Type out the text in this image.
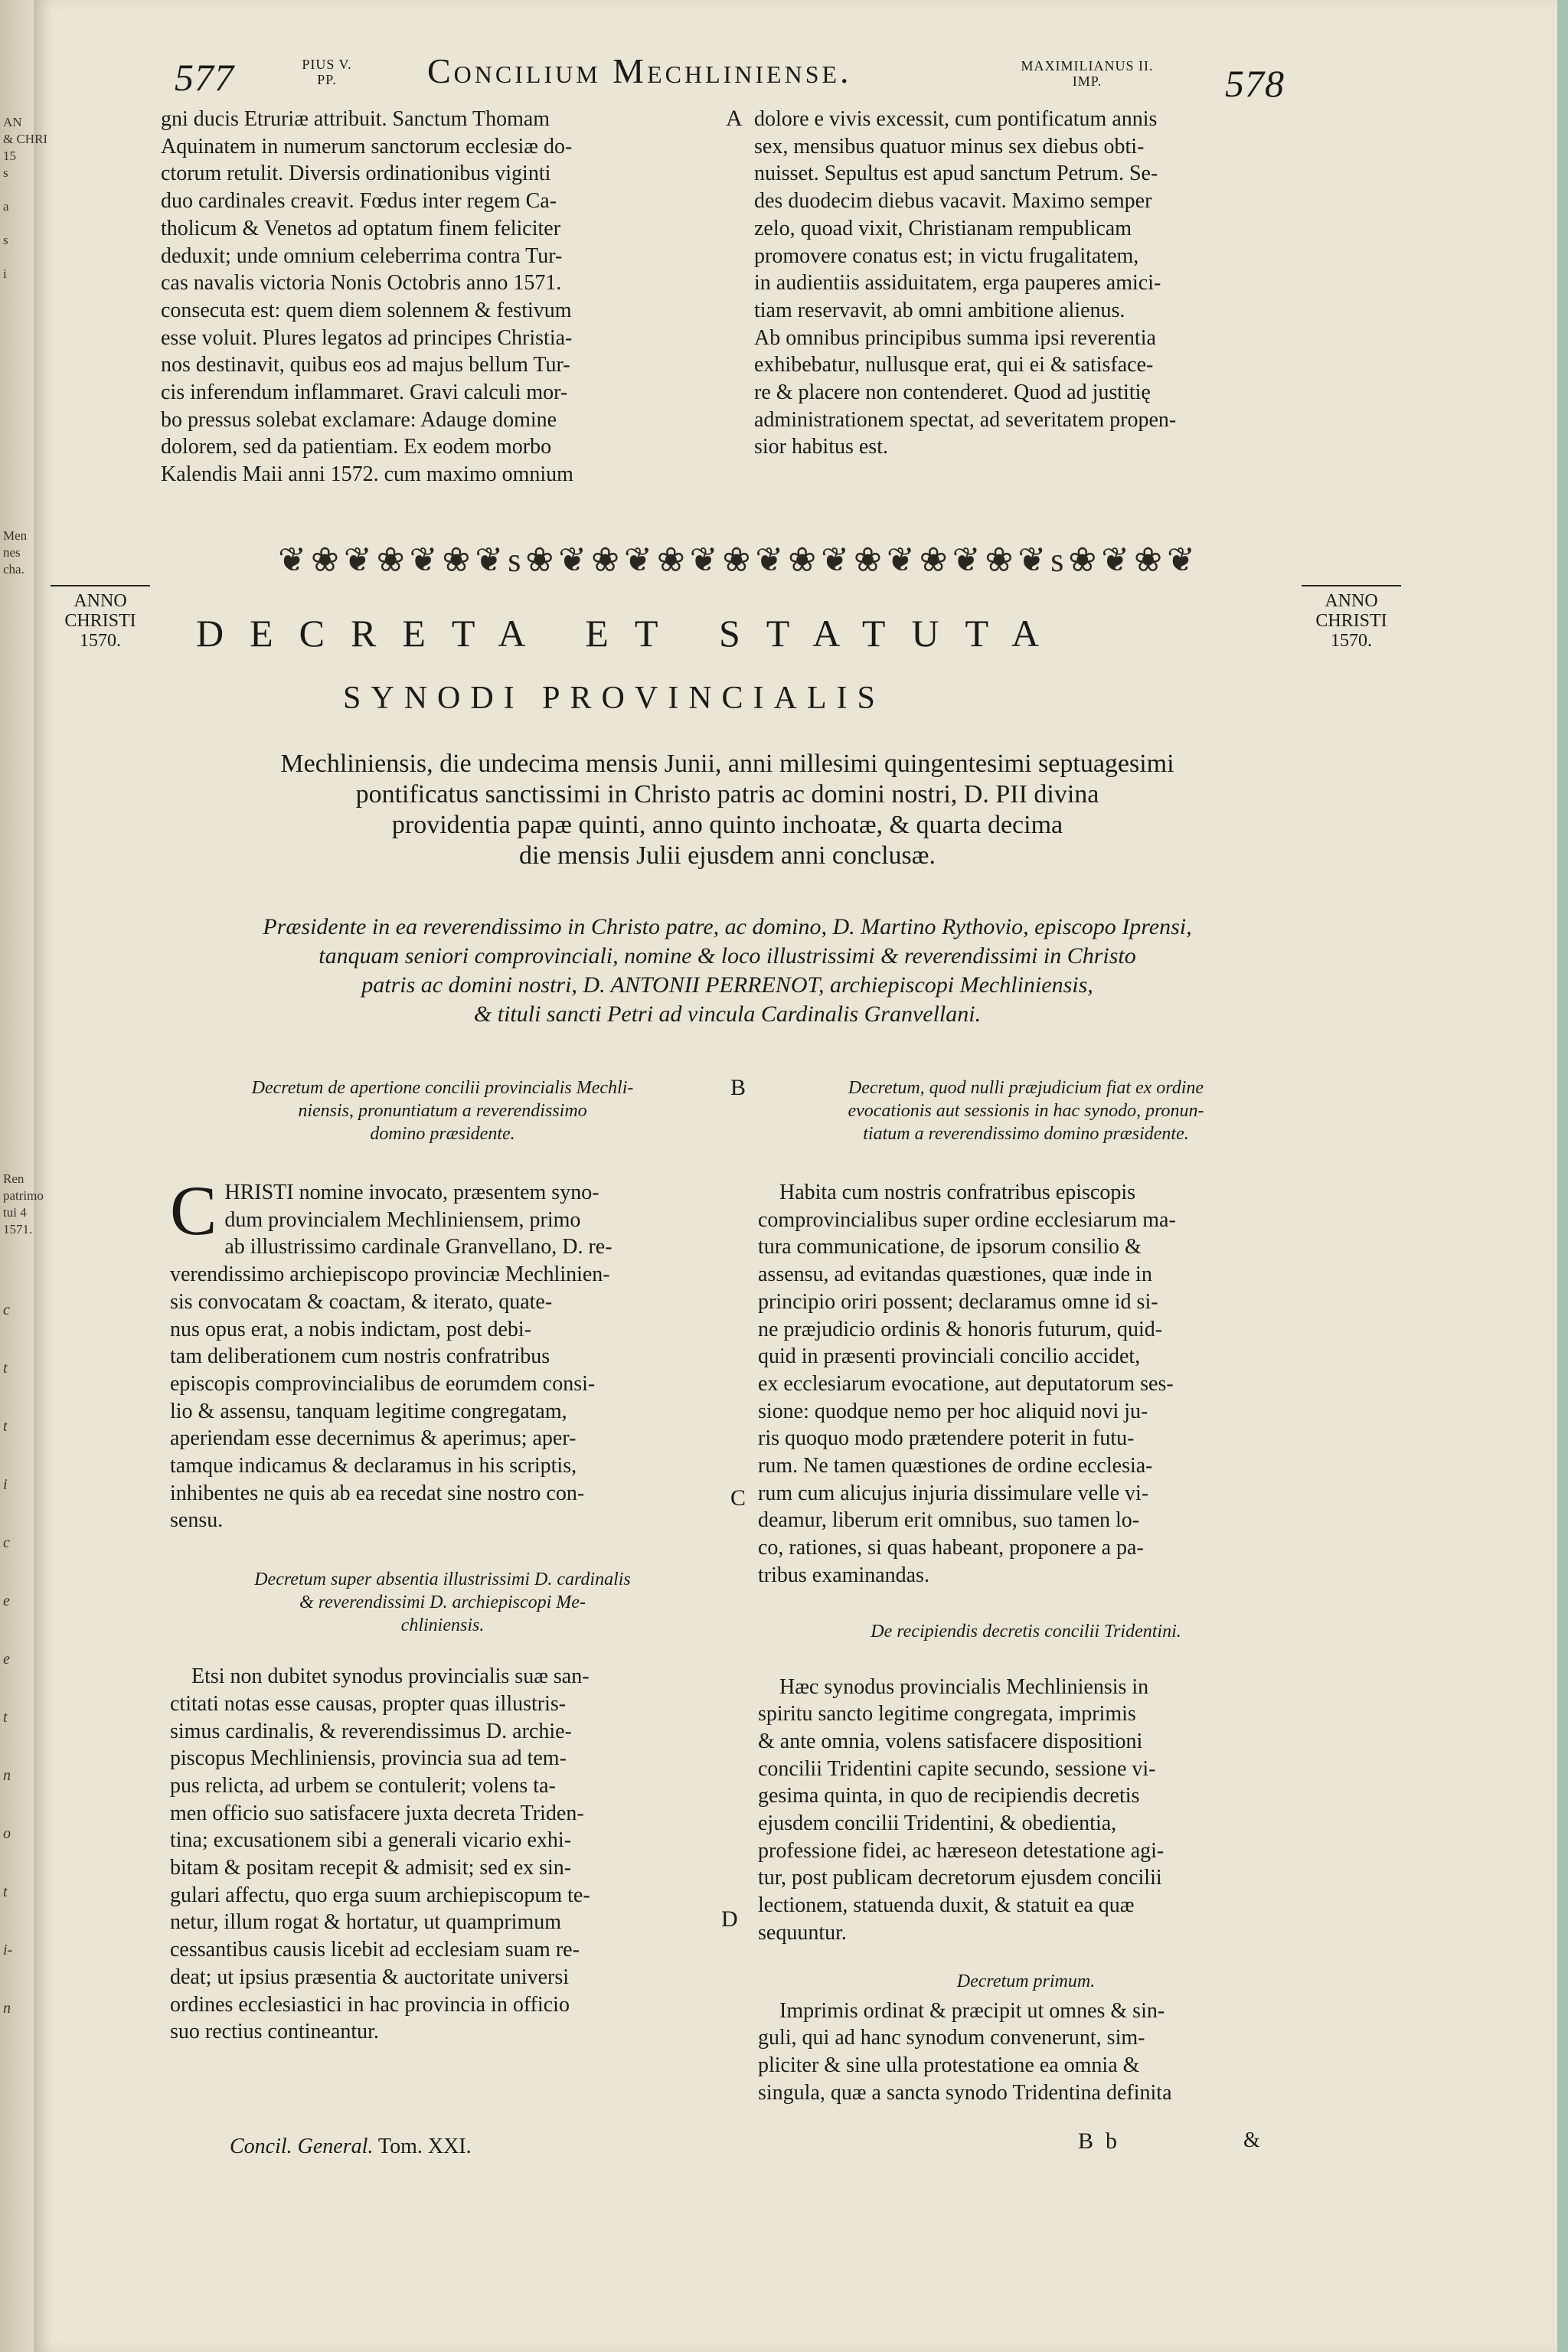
AN
& CHRI
15
s
a
s
i
Men
nes
cha.
Ren
patrimo
tui 4
1571.
c
t
t
i
c
e
e
t
n
o
t
i-
n
577	PIUS V.
PP.	Concilium Mechliniense.	MAXIMILIANUS II.
IMP.	578
gni ducis Etruriæ attribuit. Sanctum Thomam
Aquinatem in numerum sanctorum ecclesiæ do-
ctorum retulit. Diversis ordinationibus viginti
duo cardinales creavit. Fœdus inter regem Ca-
tholicum & Venetos ad optatum finem feliciter
deduxit; unde omnium celeberrima contra Tur-
cas navalis victoria Nonis Octobris anno 1571.
consecuta est: quem diem solennem & festivum
esse voluit. Plures legatos ad principes Christia-
nos destinavit, quibus eos ad majus bellum Tur-
cis inferendum inflammaret. Gravi calculi mor-
bo pressus solebat exclamare: Adauge domine
dolorem, sed da patientiam. Ex eodem morbo
Kalendis Maii anni 1572. cum maximo omnium
A dolore e vivis excessit, cum pontificatum annis
sex, mensibus quatuor minus sex diebus obti-
nuisset. Sepultus est apud sanctum Petrum. Se-
des duodecim diebus vacavit. Maximo semper
zelo, quoad vixit, Christianam rempublicam
promovere conatus est; in victu frugalitatem,
in audientiis assiduitatem, erga pauperes amici-
tiam reservavit, ab omni ambitione alienus.
Ab omnibus principibus summa ipsi reverentia
exhibebatur, nullusque erat, qui ei & satisface-
re & placere non contenderet. Quod ad justitię
administrationem spectat, ad severitatem propen-
sior habitus est.
❦❀❦❀❦❀❦s❀❦❀❦❀❦❀❦❀❦❀❦❀❦❀❦s❀❦❀❦
ANNO
CHRISTI
1570.
ANNO
CHRISTI
1570.
DECRETA ET STATUTA
SYNODI PROVINCIALIS
Mechliniensis, die undecima mensis Junii, anni millesimi quingentesimi septuagesimi
pontificatus sanctissimi in Christo patris ac domini nostri, D. PII divina
providentia papæ quinti, anno quinto inchoatæ, & quarta decima
die mensis Julii ejusdem anni conclusæ.
Præsidente in ea reverendissimo in Christo patre, ac domino, D. Martino Rythovio, episcopo Iprensi,
tanquam seniori comprovinciali, nomine & loco illustrissimi & reverendissimi in Christo
patris ac domini nostri, D. ANTONII PERRENOT, archiepiscopi Mechliniensis,
& tituli sancti Petri ad vincula Cardinalis Granvellani.
Decretum de apertione concilii provincialis Mechli-
niensis, pronuntiatum a reverendissimo
domino præsidente.
C HRISTI nomine invocato, præsentem syno-
dum provincialem Mechliniensem, primo
ab illustrissimo cardinale Granvellano, D. re-
verendissimo archiepiscopo provinciæ Mechlinien-
sis convocatam & coactam, & iterato, quate-
nus opus erat, a nobis indictam, post debi-
tam deliberationem cum nostris confratribus
episcopis comprovincialibus de eorumdem consi-
lio & assensu, tanquam legitime congregatam,
aperiendam esse decernimus & aperimus; aper-
tamque indicamus & declaramus in his scriptis,
inhibentes ne quis ab ea recedat sine nostro con-
sensu.
Decretum super absentia illustrissimi D. cardinalis
& reverendissimi D. archiepiscopi Me-
chliniensis.
Etsi non dubitet synodus provincialis suæ san-
ctitati notas esse causas, propter quas illustris-
simus cardinalis, & reverendissimus D. archie-
piscopus Mechliniensis, provincia sua ad tem-
pus relicta, ad urbem se contulerit; volens ta-
men officio suo satisfacere juxta decreta Triden-
tina; excusationem sibi a generali vicario exhi-
bitam & positam recepit & admisit; sed ex sin-
gulari affectu, quo erga suum archiepiscopum te-
netur, illum rogat & hortatur, ut quamprimum
cessantibus causis licebit ad ecclesiam suam re-
deat; ut ipsius præsentia & auctoritate universi
ordines ecclesiastici in hac provincia in officio
suo rectius contineantur.
B
C
D
Decretum, quod nulli præjudicium fiat ex ordine
evocationis aut sessionis in hac synodo, pronun-
tiatum a reverendissimo domino præsidente.
Habita cum nostris confratribus episcopis
comprovincialibus super ordine ecclesiarum ma-
tura communicatione, de ipsorum consilio &
assensu, ad evitandas quæstiones, quæ inde in
principio oriri possent; declaramus omne id si-
ne præjudicio ordinis & honoris futurum, quid-
quid in præsenti provinciali concilio accidet,
ex ecclesiarum evocatione, aut deputatorum ses-
sione: quodque nemo per hoc aliquid novi ju-
ris quoquo modo prætendere poterit in futu-
rum. Ne tamen quæstiones de ordine ecclesia-
rum cum alicujus injuria dissimulare velle vi-
deamur, liberum erit omnibus, suo tamen lo-
co, rationes, si quas habeant, proponere a pa-
tribus examinandas.

De recipiendis decretis concilii Tridentini.

Hæc synodus provincialis Mechliniensis in
spiritu sancto legitime congregata, imprimis
& ante omnia, volens satisfacere dispositioni
concilii Tridentini capite secundo, sessione vi-
gesima quinta, in quo de recipiendis decretis
ejusdem concilii Tridentini, & obedientia,
professione fidei, ac hæreseon detestatione agi-
tur, post publicam decretorum ejusdem concilii
lectionem, statuenda duxit, & statuit ea quæ
sequuntur.

Decretum primum.

Imprimis ordinat & præcipit ut omnes & sin-
guli, qui ad hanc synodum convenerunt, sim-
pliciter & sine ulla protestatione ea omnia &
singula, quæ a sancta synodo Tridentina definita
Concil. General. Tom. XXI.	Bb	&
